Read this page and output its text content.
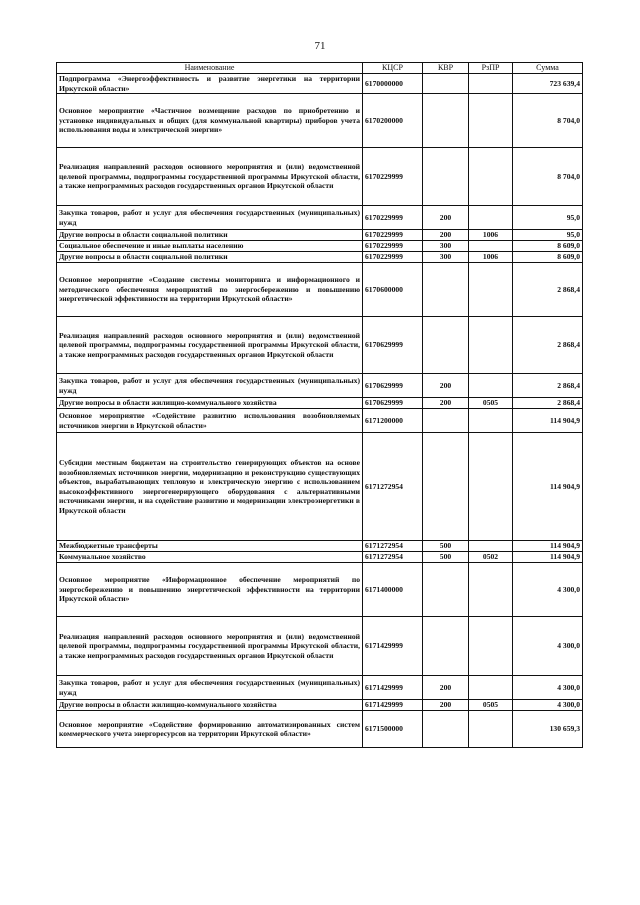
71
Наименование	КЦСР	КВР	РзПР	Сумма
Подпрограмма «Энергоэффективность и развитие энергетики на территории Иркутской области»	6170000000			723 639,4
Основное мероприятие «Частичное возмещение расходов по приобретению и установке индивидуальных и общих (для коммунальной квартиры) приборов учета использования воды и электрической энергии»	6170200000			8 704,0
Реализация направлений расходов основного мероприятия и (или) ведомственной целевой программы, подпрограммы государственной программы Иркутской области, а также непрограммных расходов государственных органов Иркутской области	6170229999			8 704,0
Закупка товаров, работ и услуг для обеспечения государственных (муниципальных) нужд	6170229999	200		95,0
Другие вопросы в области социальной политики	6170229999	200	1006	95,0
Социальное обеспечение и иные выплаты населению	6170229999	300		8 609,0
Другие вопросы в области социальной политики	6170229999	300	1006	8 609,0
Основное мероприятие «Создание системы мониторинга и информационного и методического обеспечения мероприятий по энергосбережению и повышению энергетической эффективности на территории Иркутской области»	6170600000			2 868,4
Реализация направлений расходов основного мероприятия и (или) ведомственной целевой программы, подпрограммы государственной программы Иркутской области, а также непрограммных расходов государственных органов Иркутской области	6170629999			2 868,4
Закупка товаров, работ и услуг для обеспечения государственных (муниципальных) нужд	6170629999	200		2 868,4
Другие вопросы в области жилищно-коммунального хозяйства	6170629999	200	0505	2 868,4
Основное мероприятие «Содействие развитию использования возобновляемых источников энергии в Иркутской области»	6171200000			114 904,9
Субсидии местным бюджетам на строительство генерирующих объектов на основе возобновляемых источников энергии, модернизацию и реконструкцию существующих объектов, вырабатывающих тепловую и электрическую энергию с использованием высокоэффективного энергогенерирующего оборудования с альтернативными источниками энергии, и на содействие развитию и модернизации электроэнергетики в Иркутской области	6171272954			114 904,9
Межбюджетные трансферты	6171272954	500		114 904,9
Коммунальное хозяйство	6171272954	500	0502	114 904,9
Основное мероприятие «Информационное обеспечение мероприятий по энергосбережению и повышению энергетической эффективности на территории Иркутской области»	6171400000			4 300,0
Реализация направлений расходов основного мероприятия и (или) ведомственной целевой программы, подпрограммы государственной программы Иркутской области, а также непрограммных расходов государственных органов Иркутской области	6171429999			4 300,0
Закупка товаров, работ и услуг для обеспечения государственных (муниципальных) нужд	6171429999	200		4 300,0
Другие вопросы в области жилищно-коммунального хозяйства	6171429999	200	0505	4 300,0
Основное мероприятие «Содействие формированию автоматизированных систем коммерческого учета энергоресурсов на территории Иркутской области»	6171500000			130 659,3
